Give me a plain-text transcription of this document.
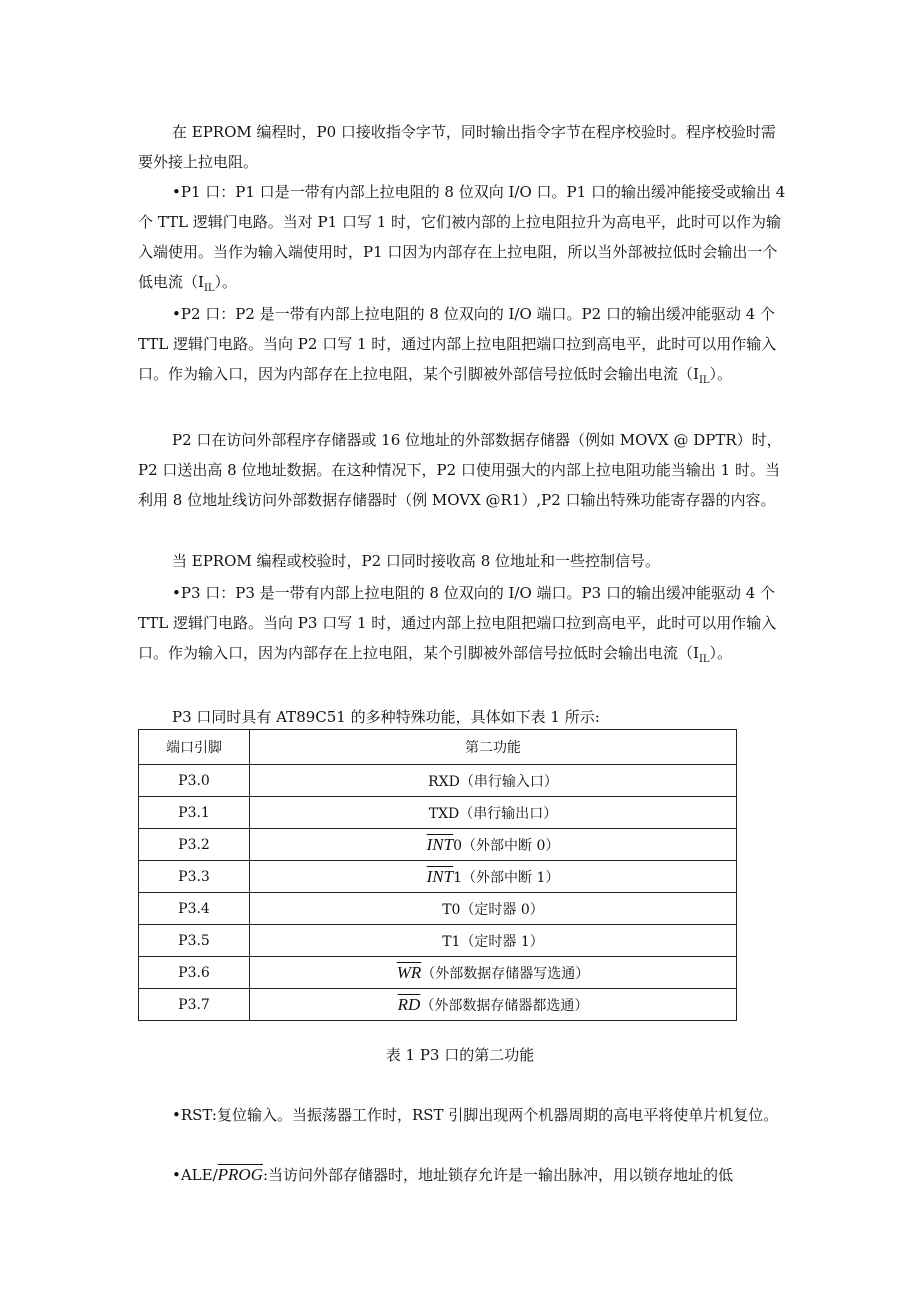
在 EPROM 编程时，P0 口接收指令字节，同时输出指令字节在程序校验时。程序校验时需要外接上拉电阻。

•P1 口：P1 口是一带有内部上拉电阻的 8 位双向 I/O 口。P1 口的输出缓冲能接受或输出 4 个 TTL 逻辑门电路。当对 P1 口写 1 时，它们被内部的上拉电阻拉升为高电平，此时可以作为输入端使用。当作为输入端使用时，P1 口因为内部存在上拉电阻，所以当外部被拉低时会输出一个低电流$(I_{IL})$。

•P2 口：P2 是一带有内部上拉电阻的 8 位双向的 I/O 端口。P2 口的输出缓冲能驱动 4 个 TTL 逻辑门电路。当向 P2 口写 1 时，通过内部上拉电阻把端口拉到高电平，此时可以用作输入口。作为输入口，因为内部存在上拉电阻，某个引脚被外部信号拉低时会输出电流$(I_{IL})$。

P2 口在访问外部程序存储器或 16 位地址的外部数据存储器（例如 MOVX @ DPTR）时，P2 口送出高 8 位地址数据。在这种情况下，P2 口使用强大的内部上拉电阻功能当输出 1 时。当利用 8 位地址线访问外部数据存储器时（例 MOVX @R1）,P2 口输出特殊功能寄存器的内容。

当 EPROM 编程或校验时，P2 口同时接收高 8 位地址和一些控制信号。

•P3 口：P3 是一带有内部上拉电阻的 8 位双向的 I/O 端口。P3 口的输出缓冲能驱动 4 个 TTL 逻辑门电路。当向 P3 口写 1 时，通过内部上拉电阻把端口拉到高电平，此时可以用作输入口。作为输入口，因为内部存在上拉电阻，某个引脚被外部信号拉低时会输出电流$(I_{IL})$。

P3 口同时具有 AT89C51 的多种特殊功能，具体如下表 1 所示:

端口引脚	第二功能
P3.0	RXD（串行输入口）
P3.1	TXD（串行输出口）
P3.2	$\overline{INT}0$（外部中断 0）
P3.3	$\overline{INT}1$（外部中断 1）
P3.4	T0（定时器 0）
P3.5	T1（定时器 1）
P3.6	$\overline{WR}$（外部数据存储器写选通）
P3.7	$\overline{RD}$（外部数据存储器都选通）
表 1 P3 口的第二功能

•RST:复位输入。当振荡器工作时，RST 引脚出现两个机器周期的高电平将使单片机复位。

•ALE/PROG:当访问外部存储器时，地址锁存允许是一输出脉冲，用以锁存地址的低
